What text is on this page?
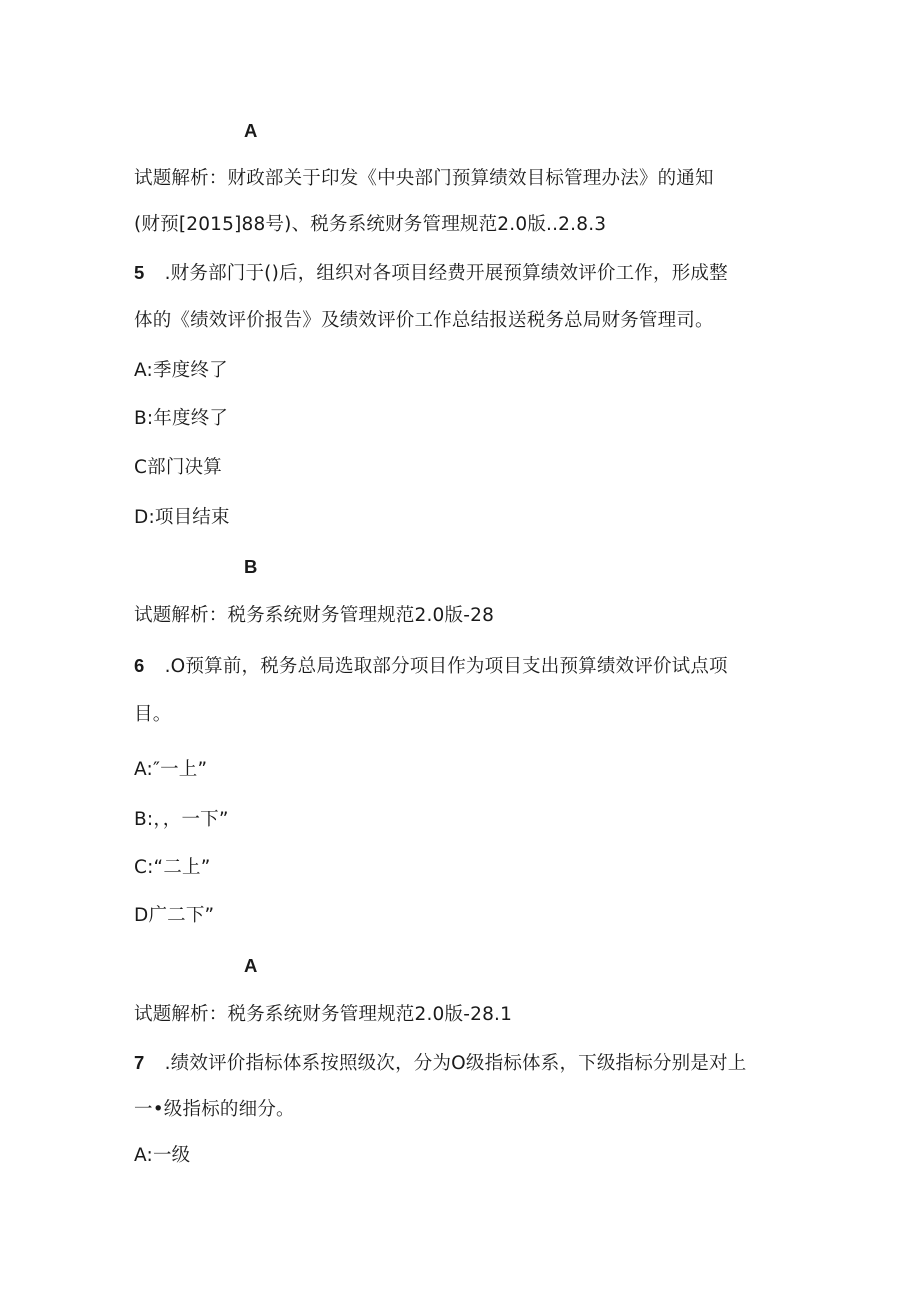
A
试题解析：财政部关于印发《中央部门预算绩效目标管理办法》的通知
(财预[2015]88号)、税务系统财务管理规范2.0版..2.8.3
5 .财务部门于()后，组织对各项目经费开展预算绩效评价工作，形成整
体的《绩效评价报告》及绩效评价工作总结报送税务总局财务管理司。
A:季度终了
B:年度终了
C部门决算
D:项目结束
B
试题解析：税务系统财务管理规范2.0版-28
6 .O预算前，税务总局选取部分项目作为项目支出预算绩效评价试点项
目。
A:″一上”
B:，，一下”
C:“二上”
D广二下”
A
试题解析：税务系统财务管理规范2.0版-28.1
7 .绩效评价指标体系按照级次，分为O级指标体系，下级指标分别是对上
一•级指标的细分。
A:一级
